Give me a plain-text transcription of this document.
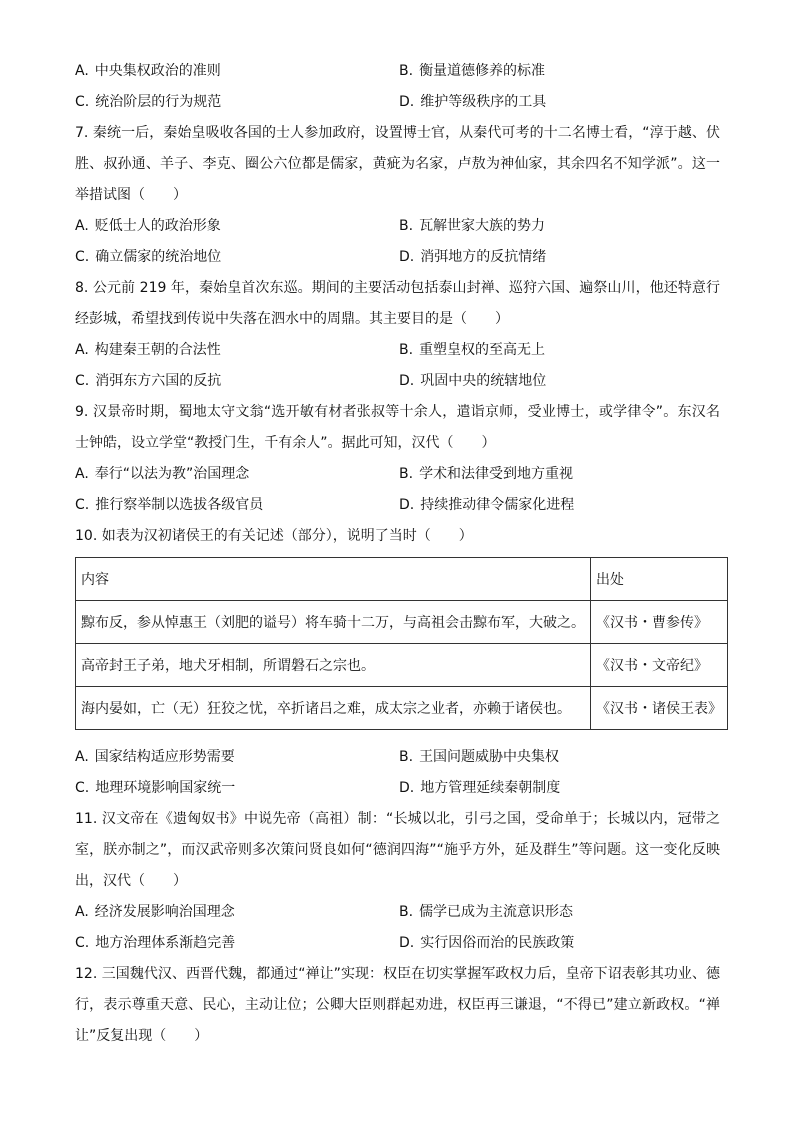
A. 中央集权政治的准则	B. 衡量道德修养的标准
C. 统治阶层的行为规范	D. 维护等级秩序的工具

7. 秦统一后，秦始皇吸收各国的士人参加政府，设置博士官，从秦代可考的十二名博士看，“淳于越、伏胜、叔孙通、羊子、李克、圈公六位都是儒家，黄疵为名家，卢敖为神仙家，其余四名不知学派”。这一举措试图（　　）

A. 贬低士人的政治形象	B. 瓦解世家大族的势力
C. 确立儒家的统治地位	D. 消弭地方的反抗情绪

8. 公元前 219 年，秦始皇首次东巡。期间的主要活动包括泰山封禅、巡狩六国、遍祭山川，他还特意行经彭城，希望找到传说中失落在泗水中的周鼎。其主要目的是（　　）

A. 构建秦王朝的合法性	B. 重塑皇权的至高无上
C. 消弭东方六国的反抗	D. 巩固中央的统辖地位

9. 汉景帝时期，蜀地太守文翁“选开敏有材者张叔等十余人，遣诣京师，受业博士，或学律令”。东汉名士钟皓，设立学堂“教授门生，千有余人”。据此可知，汉代（　　）

A. 奉行“以法为教”治国理念	B. 学术和法律受到地方重视
C. 推行察举制以选拔各级官员	D. 持续推动律令儒家化进程

10. 如表为汉初诸侯王的有关记述（部分），说明了当时（　　）

内容	出处
黥布反，参从悼惠王（刘肥的谥号）将车骑十二万，与高祖会击黥布军，大破之。	《汉书・曹参传》
高帝封王子弟，地犬牙相制，所谓磐石之宗也。	《汉书・文帝纪》
海内晏如，亡（无）狂狡之忧，卒折诸吕之难，成太宗之业者，亦赖于诸侯也。	《汉书・诸侯王表》
A. 国家结构适应形势需要	B. 王国问题威胁中央集权
C. 地理环境影响国家统一	D. 地方管理延续秦朝制度

11. 汉文帝在《遗匈奴书》中说先帝（高祖）制：“长城以北，引弓之国，受命单于；长城以内，冠带之室，朕亦制之”，而汉武帝则多次策问贤良如何“德润四海”“施乎方外，延及群生”等问题。这一变化反映出，汉代（　　）

A. 经济发展影响治国理念	B. 儒学已成为主流意识形态
C. 地方治理体系渐趋完善	D. 实行因俗而治的民族政策

12. 三国魏代汉、西晋代魏，都通过“禅让”实现：权臣在切实掌握军政权力后，皇帝下诏表彰其功业、德行，表示尊重天意、民心，主动让位；公卿大臣则群起劝进，权臣再三谦退，“不得已”建立新政权。“禅让”反复出现（　　）
